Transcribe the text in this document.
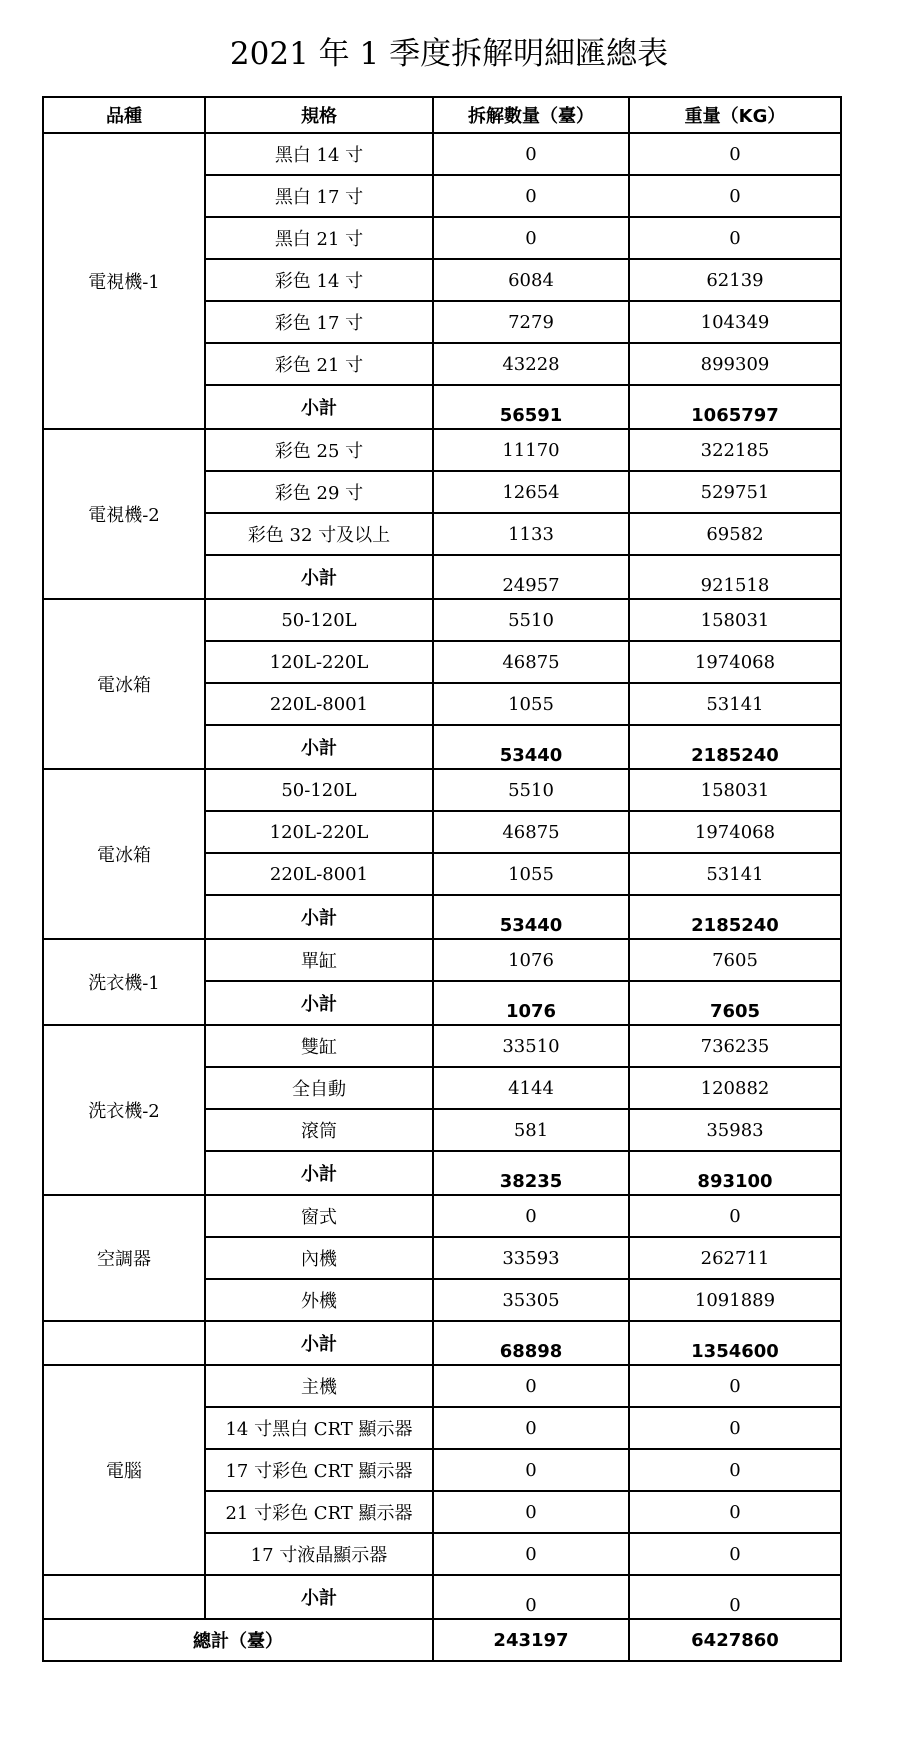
2021 年 1 季度拆解明細匯總表
品種	規格	拆解數量（臺）	重量（KG）
電視機-1	黑白 14 寸	0	0
	黑白 17 寸	0	0
	黑白 21 寸	0	0
	彩色 14 寸	6084	62139
	彩色 17 寸	7279	104349
	彩色 21 寸	43228	899309
	小計	56591	1065797
電視機-2	彩色 25 寸	11170	322185
	彩色 29 寸	12654	529751
	彩色 32 寸及以上	1133	69582
	小計	24957	921518
電冰箱	50-120L	5510	158031
	120L-220L	46875	1974068
	220L-8001	1055	53141
	小計	53440	2185240
電冰箱	50-120L	5510	158031
	120L-220L	46875	1974068
	220L-8001	1055	53141
	小計	53440	2185240
洗衣機-1	單缸	1076	7605
	小計	1076	7605
洗衣機-2	雙缸	33510	736235
	全自動	4144	120882
	滾筒	581	35983
	小計	38235	893100
空調器	窗式	0	0
	內機	33593	262711
	外機	35305	1091889
	小計	68898	1354600
電腦	主機	0	0
	14 寸黑白 CRT 顯示器	0	0
	17 寸彩色 CRT 顯示器	0	0
	21 寸彩色 CRT 顯示器	0	0
	17 寸液晶顯示器	0	0
	小計	0	0
總計（臺）		243197	6427860
